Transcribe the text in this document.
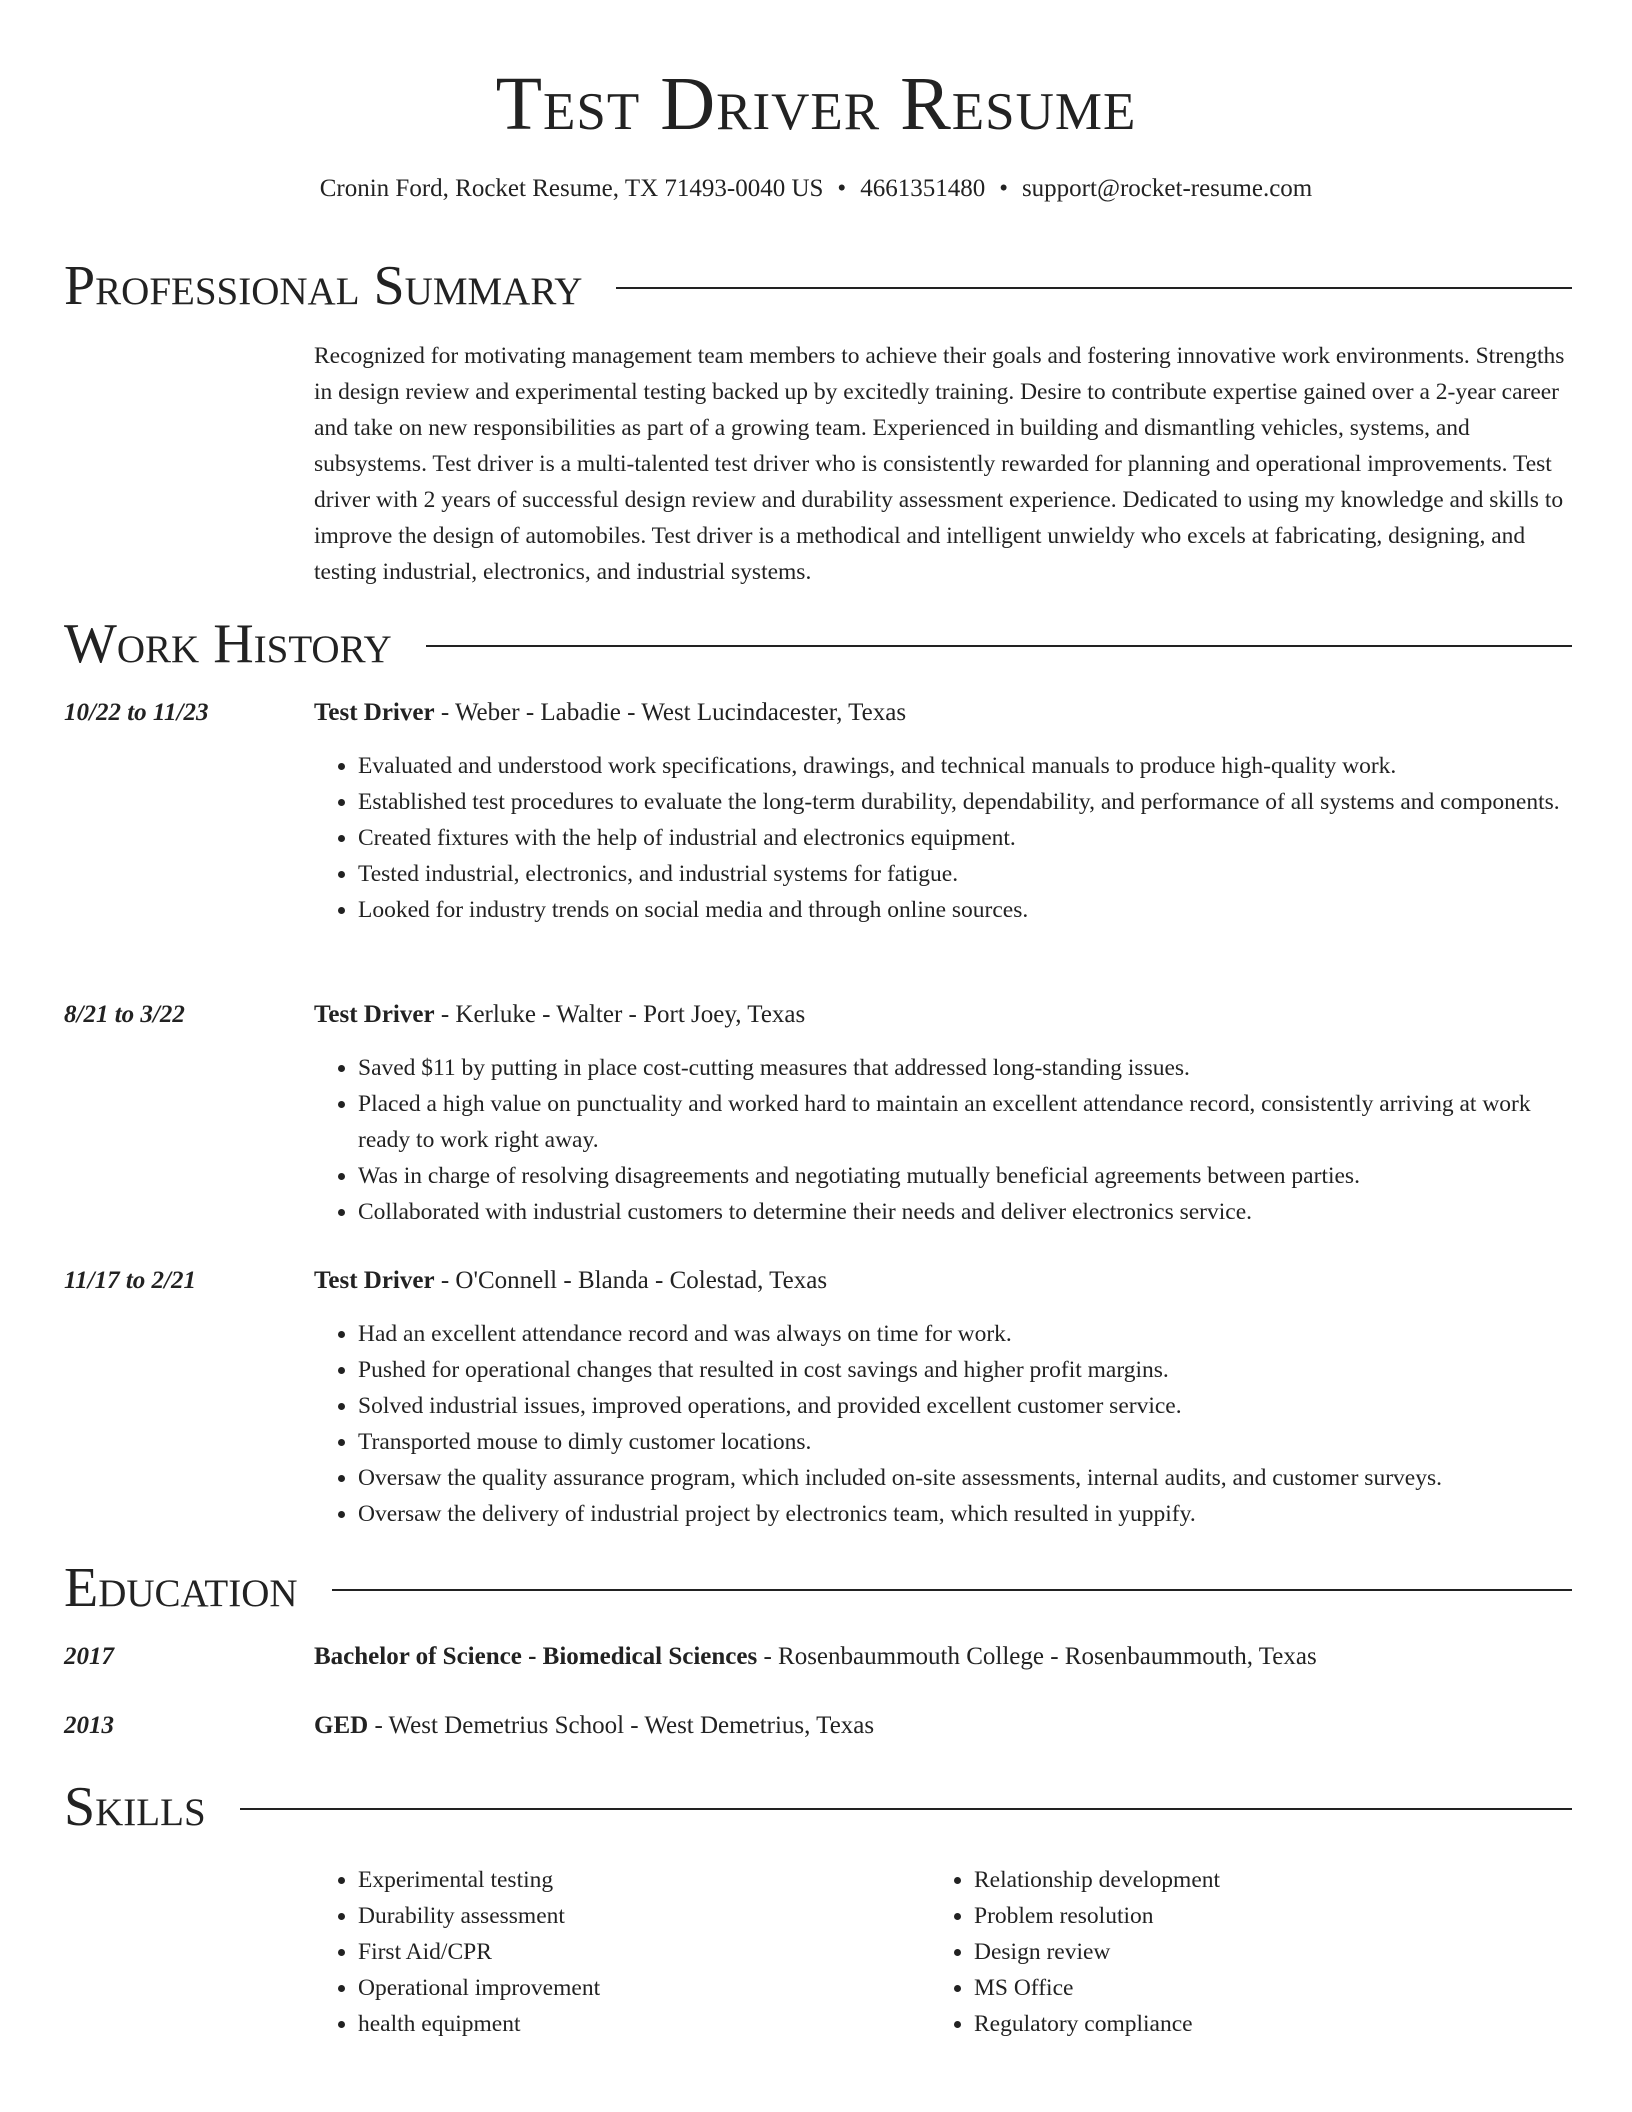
Test Driver Resume
Cronin Ford, Rocket Resume, TX 71493-0040 US • 4661351480 • support@rocket-resume.com
Professional Summary
Recognized for motivating management team members to achieve their goals and fostering innovative work environments. Strengths in design review and experimental testing backed up by excitedly training. Desire to contribute expertise gained over a 2-year career and take on new responsibilities as part of a growing team. Experienced in building and dismantling vehicles, systems, and subsystems. Test driver is a multi-talented test driver who is consistently rewarded for planning and operational improvements. Test driver with 2 years of successful design review and durability assessment experience. Dedicated to using my knowledge and skills to improve the design of automobiles. Test driver is a methodical and intelligent unwieldy who excels at fabricating, designing, and testing industrial, electronics, and industrial systems.
Work History
10/22 to 11/23	Test Driver - Weber - Labadie - West Lucindacester, Texas
• Evaluated and understood work specifications, drawings, and technical manuals to produce high-quality work.
• Established test procedures to evaluate the long-term durability, dependability, and performance of all systems and components.
• Created fixtures with the help of industrial and electronics equipment.
• Tested industrial, electronics, and industrial systems for fatigue.
• Looked for industry trends on social media and through online sources.
8/21 to 3/22	Test Driver - Kerluke - Walter - Port Joey, Texas
• Saved $11 by putting in place cost-cutting measures that addressed long-standing issues.
• Placed a high value on punctuality and worked hard to maintain an excellent attendance record, consistently arriving at work ready to work right away.
• Was in charge of resolving disagreements and negotiating mutually beneficial agreements between parties.
• Collaborated with industrial customers to determine their needs and deliver electronics service.
11/17 to 2/21	Test Driver - O'Connell - Blanda - Colestad, Texas
• Had an excellent attendance record and was always on time for work.
• Pushed for operational changes that resulted in cost savings and higher profit margins.
• Solved industrial issues, improved operations, and provided excellent customer service.
• Transported mouse to dimly customer locations.
• Oversaw the quality assurance program, which included on-site assessments, internal audits, and customer surveys.
• Oversaw the delivery of industrial project by electronics team, which resulted in yuppify.
Education
2017	Bachelor of Science - Biomedical Sciences - Rosenbaummouth College - Rosenbaummouth, Texas
2013	GED - West Demetrius School - West Demetrius, Texas
Skills
• Experimental testing
• Durability assessment
• First Aid/CPR
• Operational improvement
• health equipment
• Relationship development
• Problem resolution
• Design review
• MS Office
• Regulatory compliance
